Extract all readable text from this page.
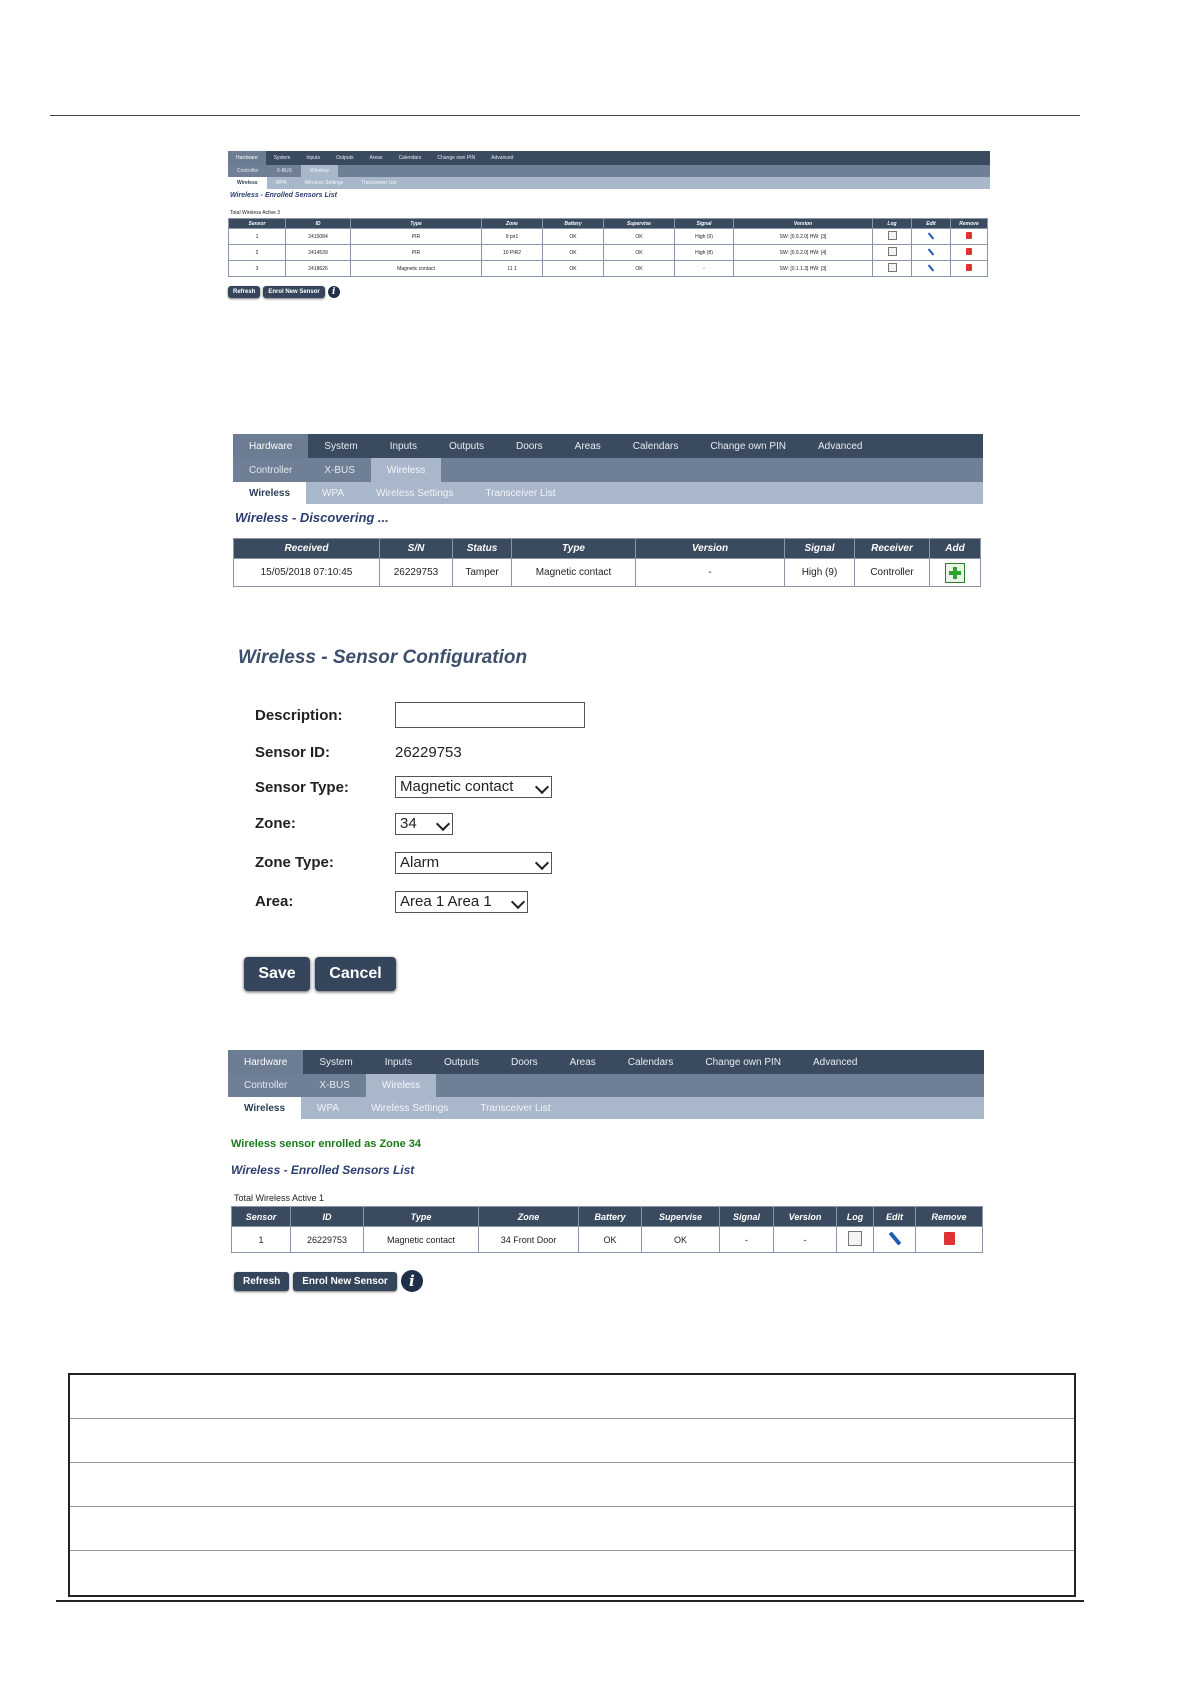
Hardware	System	Inputs	Outputs	Areas	Calendars	Change own PIN	Advanced
Controller	X-BUS	Wireless
Wireless	WPA	Wireless Settings	Transceiver List
Wireless - Enrolled Sensors List
Total Wireless Active 3
Sensor	ID	Type	Zone	Battery	Supervise	Signal	Version	Log	Edit	Remove
1	2415084	PIR	9 pir1	OK	OK	High (9)	SW: [0.9.2.0] HW: [3]			
2	2414539	PIR	10 PIR2	OK	OK	High (8)	SW: [0.9.2.0] HW: [4]			
3	2418626	Magnetic contact	11 1	OK	OK	-	SW: [0.1.1.3] HW: [3]			
Refresh	Enrol New Sensor	i
Hardware	System	Inputs	Outputs	Doors	Areas	Calendars	Change own PIN	Advanced
Controller	X-BUS	Wireless
Wireless	WPA	Wireless Settings	Transceiver List
Wireless - Discovering ...
Received	S/N	Status	Type	Version	Signal	Receiver	Add
15/05/2018 07:10:45	26229753	Tamper	Magnetic contact	-	High (9)	Controller	
Wireless - Sensor Configuration
Description:
Sensor ID:	26229753
Sensor Type:	Magnetic contact
Zone:	34
Zone Type:	Alarm
Area:	Area 1 Area 1
Save	Cancel
Hardware	System	Inputs	Outputs	Doors	Areas	Calendars	Change own PIN	Advanced
Controller	X-BUS	Wireless
Wireless	WPA	Wireless Settings	Transceiver List
Wireless sensor enrolled as Zone 34
Wireless - Enrolled Sensors List
Total Wireless Active 1
Sensor	ID	Type	Zone	Battery	Supervise	Signal	Version	Log	Edit	Remove
1	26229753	Magnetic contact	34 Front Door	OK	OK	-	-			
Refresh	Enrol New Sensor	i
